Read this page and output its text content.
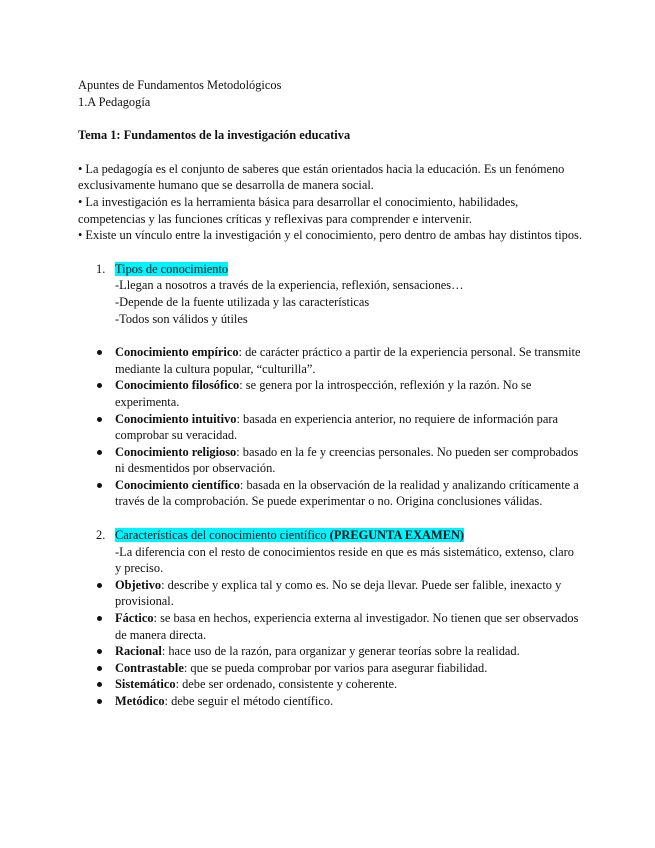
Apuntes de Fundamentos Metodológicos

1.A Pedagogía

Tema 1: Fundamentos de la investigación educativa

• La pedagogía es el conjunto de saberes que están orientados hacia la educación. Es un fenómeno exclusivamente humano que se desarrolla de manera social.

• La investigación es la herramienta básica para desarrollar el conocimiento, habilidades, competencias y las funciones críticas y reflexivas para comprender e intervenir.

• Existe un vínculo entre la investigación y el conocimiento, pero dentro de ambas hay distintos tipos.

1. Tipos de conocimiento

-Llegan a nosotros a través de la experiencia, reflexión, sensaciones…

-Depende de la fuente utilizada y las características

-Todos son válidos y útiles

Conocimiento empírico: de carácter práctico a partir de la experiencia personal. Se transmite mediante la cultura popular, “culturilla”.
Conocimiento filosófico: se genera por la introspección, reflexión y la razón. No se experimenta.
Conocimiento intuitivo: basada en experiencia anterior, no requiere de información para comprobar su veracidad.
Conocimiento religioso: basado en la fe y creencias personales. No pueden ser comprobados ni desmentidos por observación.
Conocimiento científico: basada en la observación de la realidad y analizando críticamente a través de la comprobación. Se puede experimentar o no. Origina conclusiones válidas.
2. Características del conocimiento científico (PREGUNTA EXAMEN)

-La diferencia con el resto de conocimientos reside en que es más sistemático, extenso, claro y preciso.

Objetivo: describe y explica tal y como es. No se deja llevar. Puede ser falible, inexacto y provisional.
Fáctico: se basa en hechos, experiencia externa al investigador. No tienen que ser observados de manera directa.
Racional: hace uso de la razón, para organizar y generar teorías sobre la realidad.
Contrastable: que se pueda comprobar por varios para asegurar fiabilidad.
Sistemático: debe ser ordenado, consistente y coherente.
Metódico: debe seguir el método científico.
